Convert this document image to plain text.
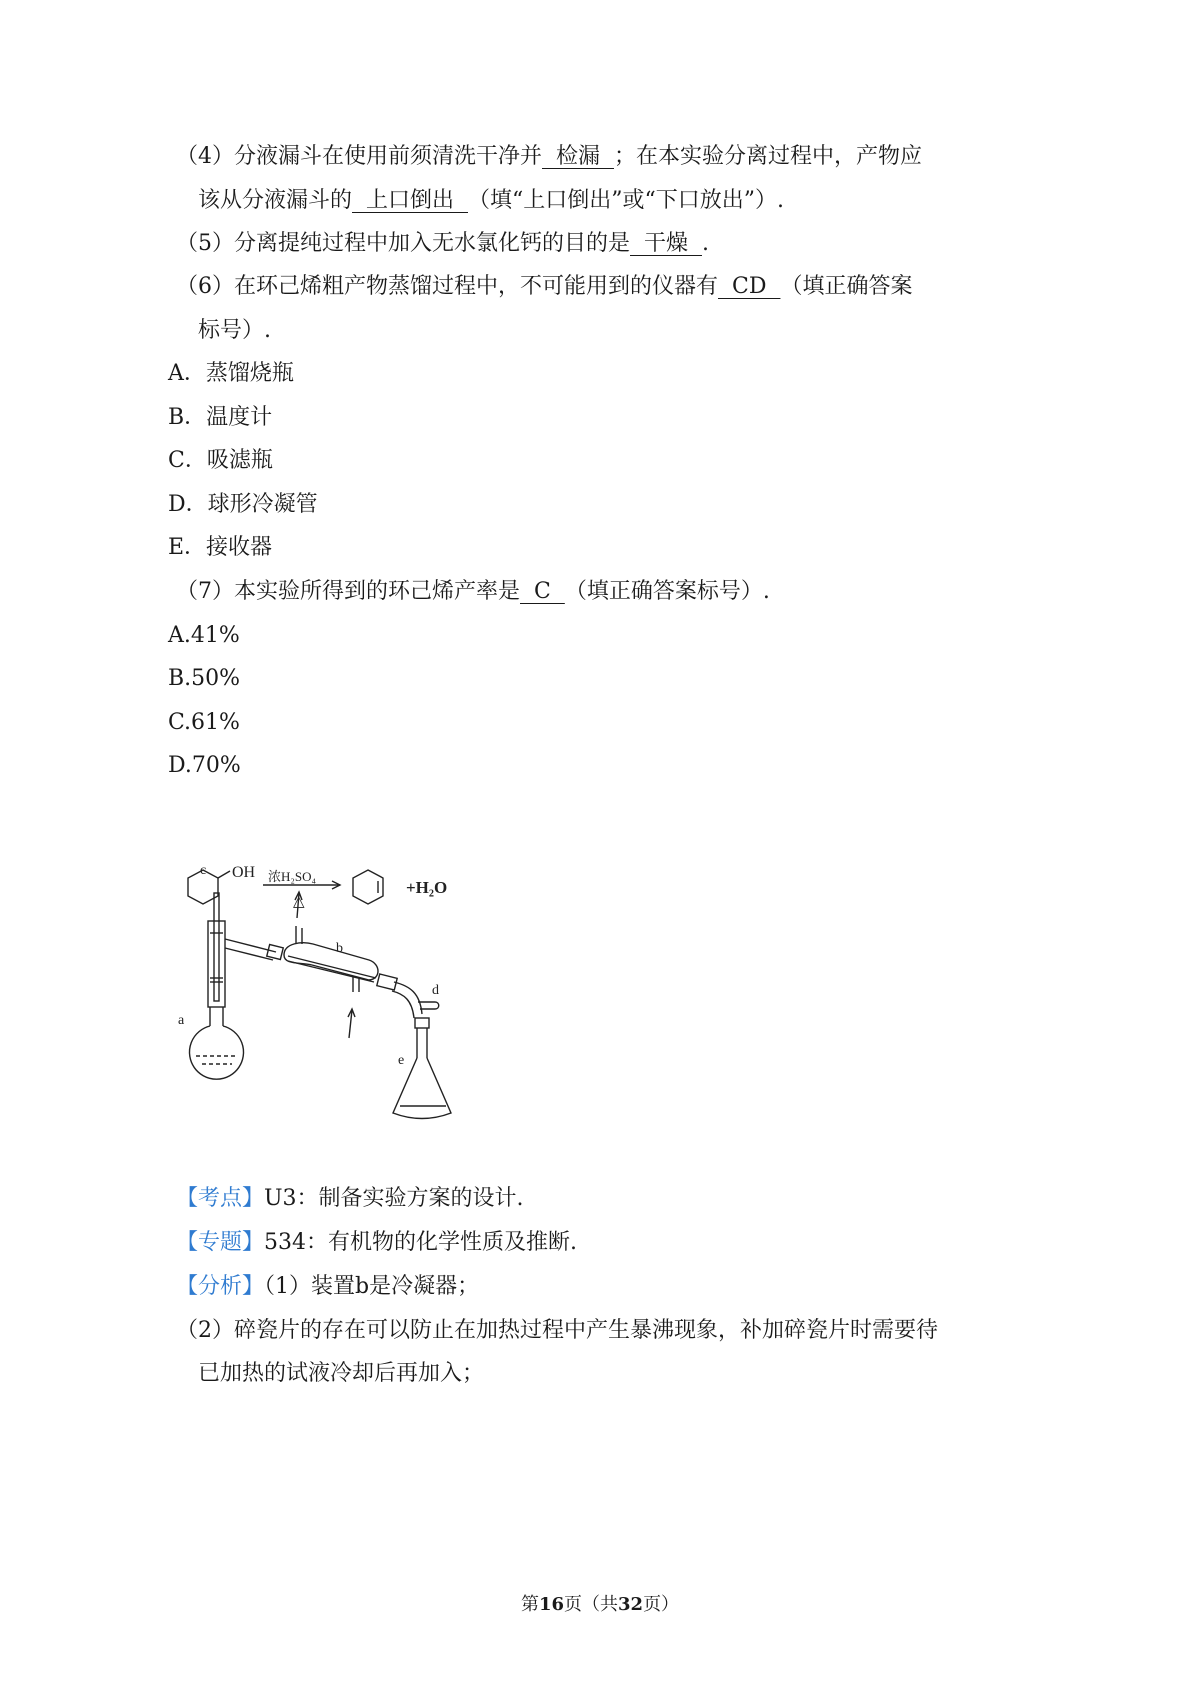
（4）分液漏斗在使用前须清洗干净并  检漏  ；在本实验分离过程中，产物应
该从分液漏斗的  上口倒出  （填“上口倒出”或“下口放出”）.
（5）分离提纯过程中加入无水氯化钙的目的是  干燥  .
（6）在环己烯粗产物蒸馏过程中，不可能用到的仪器有  CD  （填正确答案
标号）.
A．蒸馏烧瓶
B．温度计
C．吸滤瓶
D．球形冷凝管
E．接收器
（7）本实验所得到的环己烯产率是  C  （填正确答案标号）.
A.41%
B.50%
C.61%
D.70%
OH 浓H₂SO₄
△
+H₂O
a
b
c
d
e
【考点】U3：制备实验方案的设计.
【专题】534：有机物的化学性质及推断.
【分析】（1）装置b是冷凝器；
（2）碎瓷片的存在可以防止在加热过程中产生暴沸现象，补加碎瓷片时需要待
已加热的试液冷却后再加入；
第16页（共32页）
